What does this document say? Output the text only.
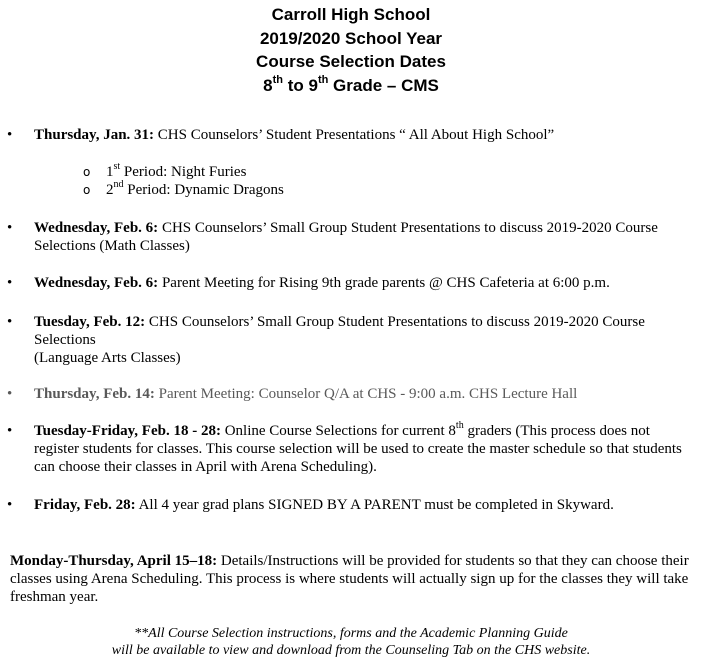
Carroll High School
2019/2020 School Year
Course Selection Dates
8th to 9th Grade – CMS
• Thursday, Jan. 31: CHS Counselors’ Student Presentations “ All About High School”
o 1st Period: Night Furies
o 2nd Period: Dynamic Dragons
• Wednesday, Feb. 6: CHS Counselors’ Small Group Student Presentations to discuss 2019-2020 Course Selections (Math Classes)
• Wednesday, Feb. 6: Parent Meeting for Rising 9th grade parents @ CHS Cafeteria at 6:00 p.m.
• Tuesday, Feb. 12: CHS Counselors’ Small Group Student Presentations to discuss 2019-2020 Course Selections
(Language Arts Classes)
• Thursday, Feb. 14: Parent Meeting: Counselor Q/A at CHS - 9:00 a.m. CHS Lecture Hall
• Tuesday-Friday, Feb. 18 - 28: Online Course Selections for current 8th graders (This process does not register students for classes. This course selection will be used to create the master schedule so that students can choose their classes in April with Arena Scheduling).
• Friday, Feb. 28: All 4 year grad plans SIGNED BY A PARENT must be completed in Skyward.
Monday-Thursday, April 15–18: Details/Instructions will be provided for students so that they can choose their classes using Arena Scheduling. This process is where students will actually sign up for the classes they will take freshman year.
**All Course Selection instructions, forms and the Academic Planning Guide
will be available to view and download from the Counseling Tab on the CHS website.
